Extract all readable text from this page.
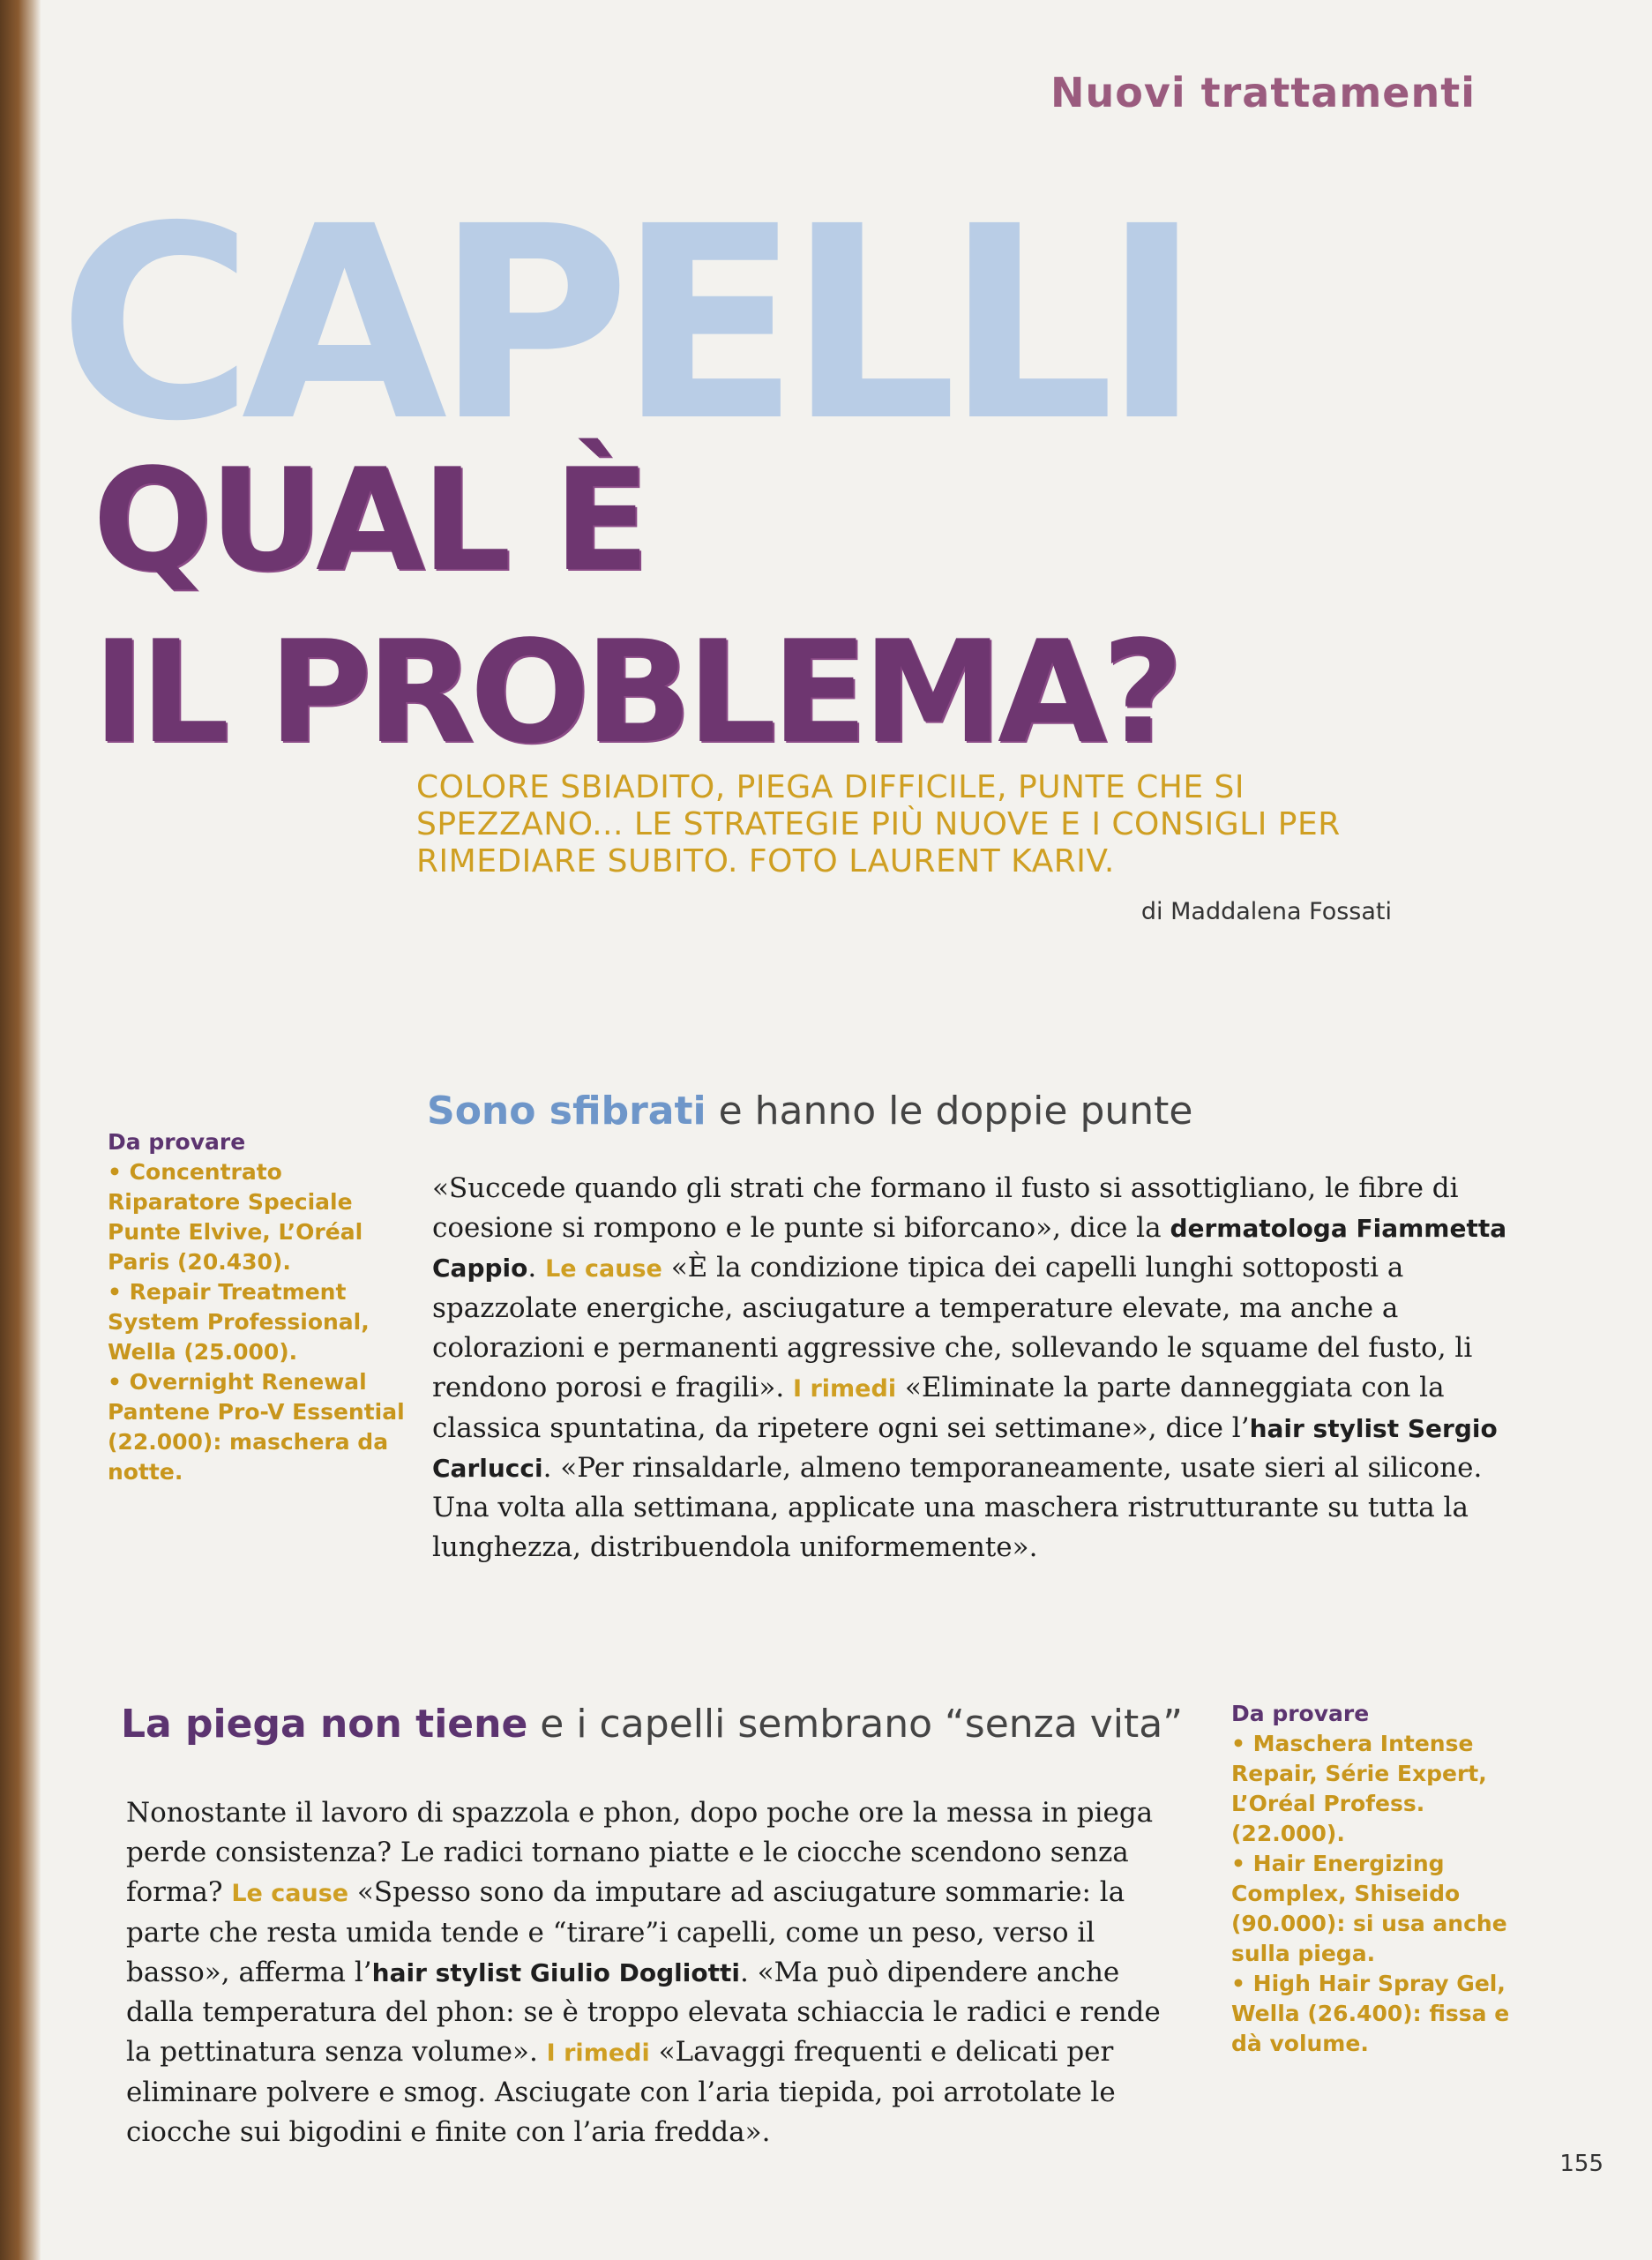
Nuovi trattamenti
CAPELLI
QUAL È
IL PROBLEMA?
COLORE SBIADITO, PIEGA DIFFICILE, PUNTE CHE SI SPEZZANO... LE STRATEGIE PIÙ NUOVE E I CONSIGLI PER RIMEDIARE SUBITO. FOTO LAURENT KARIV.
di Maddalena Fossati
Da provare
• Concentrato Riparatore Speciale Punte Elvive, L’Oréal Paris (20.430).
• Repair Treatment System Professional, Wella (25.000).
• Overnight Renewal Pantene Pro-V Essential (22.000): maschera da notte.
Sono sfibrati e hanno le doppie punte

«Succede quando gli strati che formano il fusto si assottigliano, le fibre di coesione si rompono e le punte si biforcano», dice la dermatologa Fiammetta Cappio. Le cause «È la condizione tipica dei capelli lunghi sottoposti a spazzolate energiche, asciugature a temperature elevate, ma anche a colorazioni e permanenti aggressive che, sollevando le squame del fusto, li rendono porosi e fragili». I rimedi «Eliminate la parte danneggiata con la classica spuntatina, da ripetere ogni sei settimane», dice l’hair stylist Sergio Carlucci. «Per rinsaldarle, almeno temporaneamente, usate sieri al silicone. Una volta alla settimana, applicate una maschera ristrutturante su tutta la lunghezza, distribuendola uniformemente».

La piega non tiene e i capelli sembrano “senza vita”

Nonostante il lavoro di spazzola e phon, dopo poche ore la messa in piega perde consistenza? Le radici tornano piatte e le ciocche scendono senza forma? Le cause «Spesso sono da imputare ad asciugature sommarie: la parte che resta umida tende e “tirare”i capelli, come un peso, verso il basso», afferma l’hair stylist Giulio Dogliotti. «Ma può dipendere anche dalla temperatura del phon: se è troppo elevata schiaccia le radici e rende la pettinatura senza volume». I rimedi «Lavaggi frequenti e delicati per eliminare polvere e smog. Asciugate con l’aria tiepida, poi arrotolate le ciocche sui bigodini e finite con l’aria fredda».

Da provare
• Maschera Intense Repair, Série Expert, L’Oréal Profess. (22.000).
• Hair Energizing Complex, Shiseido (90.000): si usa anche sulla piega.
• High Hair Spray Gel, Wella (26.400): fissa e dà volume.
155
